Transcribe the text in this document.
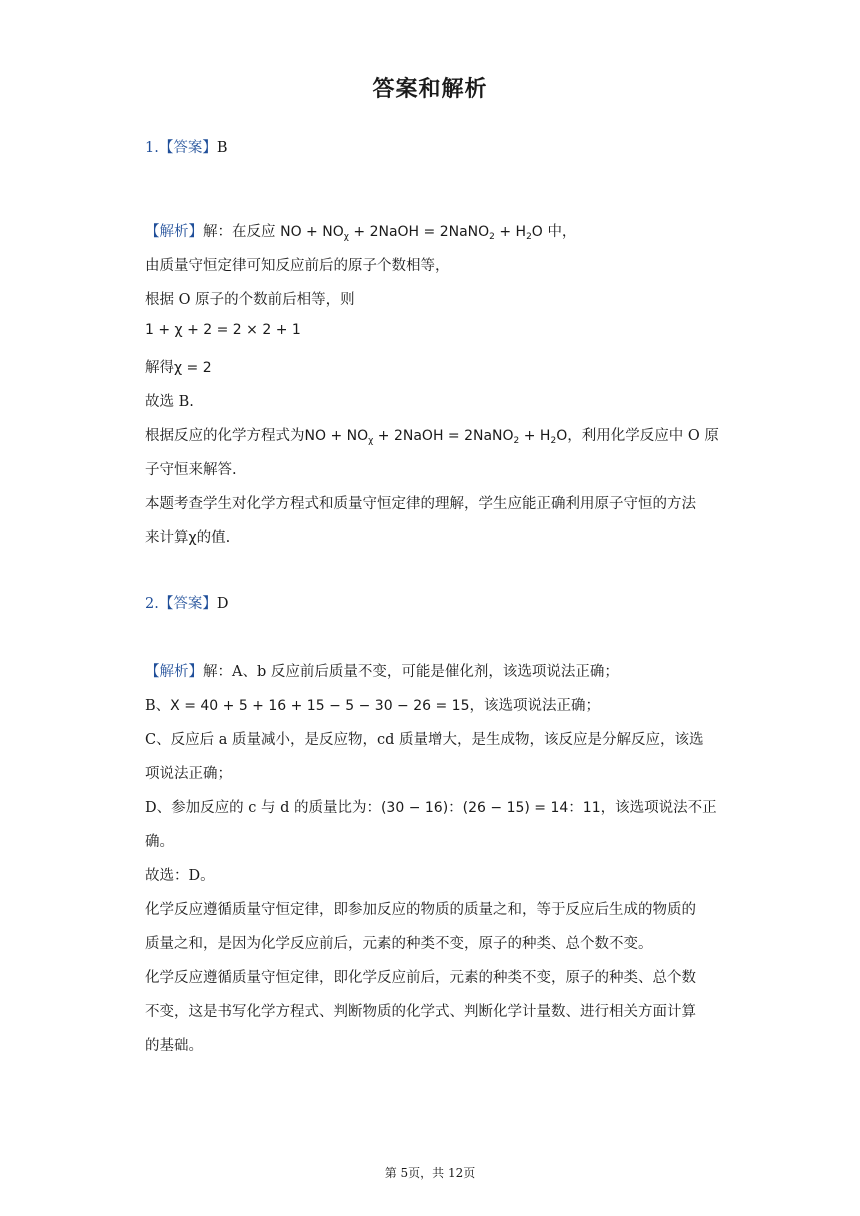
答案和解析
1.【答案】B
【解析】解：在反应 NO + $NO_\chi$ + 2NaOH = 2NaNO$_2$ + $H_2O$ 中，
由质量守恒定律可知反应前后的原子个数相等，
根据 O 原子的个数前后相等，则
1 + χ + 2 = 2 × 2 + 1
解得χ = 2
故选 B.
根据反应的化学方程式为NO + $NO_\chi$ + 2NaOH = 2NaNO$_2$ + $H_2O$，利用化学反应中 O 原
子守恒来解答.
本题考查学生对化学方程式和质量守恒定律的理解，学生应能正确利用原子守恒的方法
来计算χ的值.
2.【答案】D
【解析】解：A、b 反应前后质量不变，可能是催化剂，该选项说法正确；
B、X = 40 + 5 + 16 + 15 − 5 − 30 − 26 = 15，该选项说法正确；
C、反应后 a 质量减小，是反应物，cd 质量增大，是生成物，该反应是分解反应，该选
项说法正确；
D、参加反应的 c 与 d 的质量比为：(30 − 16)：(26 − 15) = 14：11，该选项说法不正
确。
故选：D。
化学反应遵循质量守恒定律，即参加反应的物质的质量之和，等于反应后生成的物质的
质量之和，是因为化学反应前后，元素的种类不变，原子的种类、总个数不变。
化学反应遵循质量守恒定律，即化学反应前后，元素的种类不变，原子的种类、总个数
不变，这是书写化学方程式、判断物质的化学式、判断化学计量数、进行相关方面计算
的基础。
第 5页，共 12页
